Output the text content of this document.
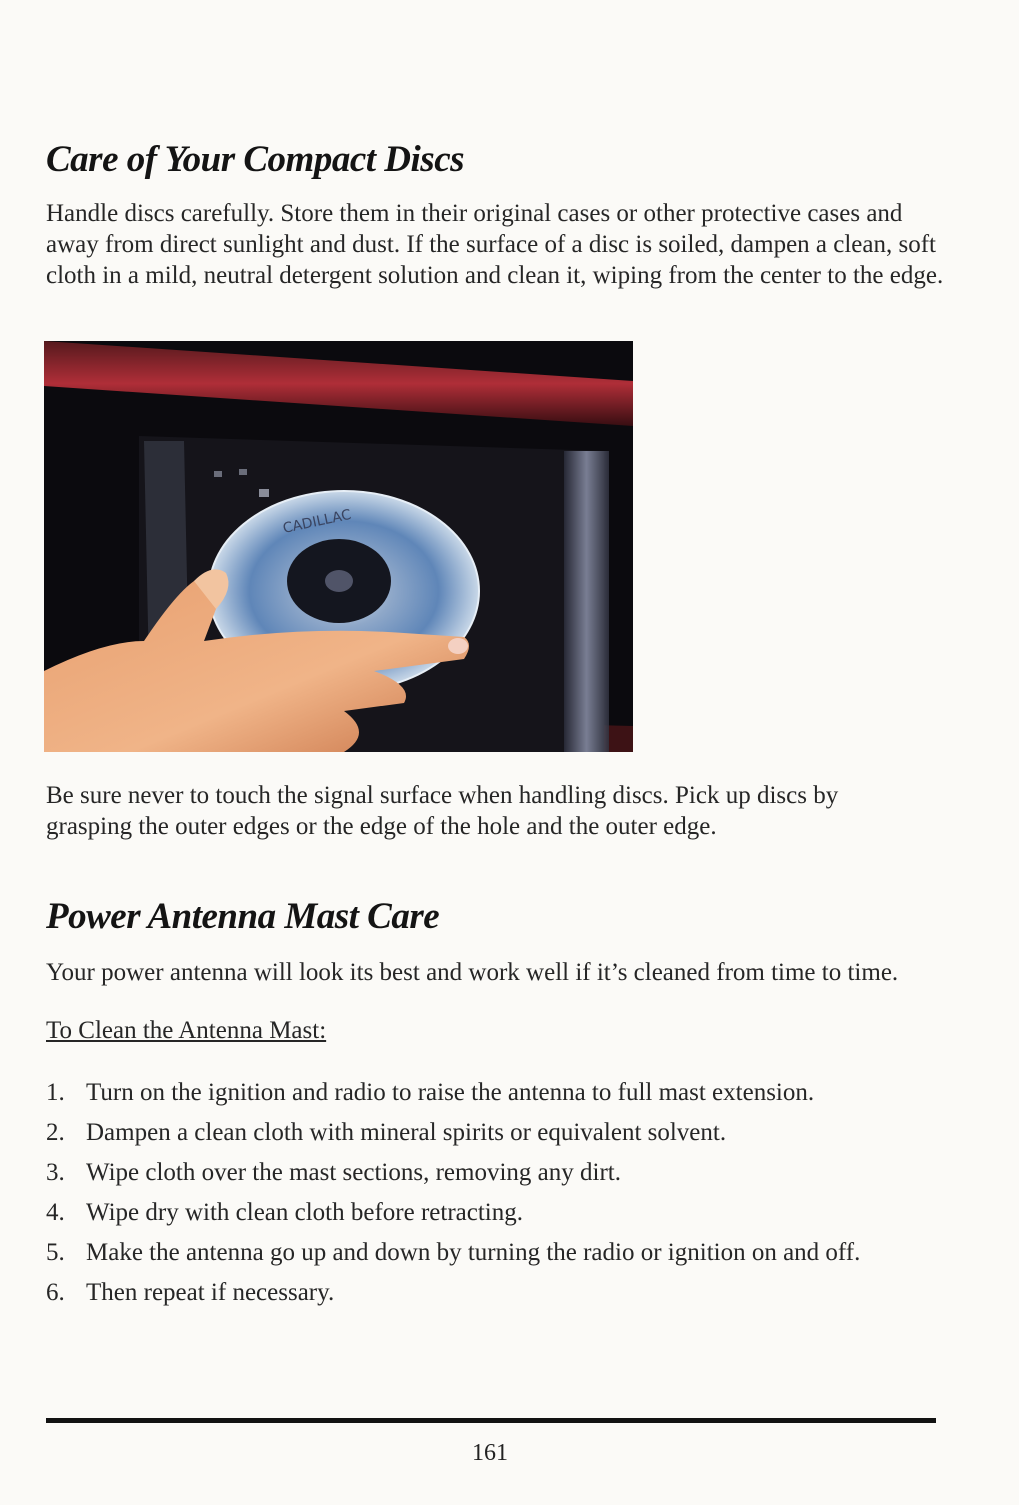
Care of Your Compact Discs

Handle discs carefully. Store them in their original cases or other protective cases and away from direct sunlight and dust. If the surface of a disc is soiled, dampen a clean, soft cloth in a mild, neutral detergent solution and clean it, wiping from the center to the edge.

CADILLAC

Be sure never to touch the signal surface when handling discs. Pick up discs by grasping the outer edges or the edge of the hole and the outer edge.

Power Antenna Mast Care

Your power antenna will look its best and work well if it’s cleaned from time to time.

To Clean the Antenna Mast:
1. Turn on the ignition and radio to raise the antenna to full mast extension.
2. Dampen a clean cloth with mineral spirits or equivalent solvent.
3. Wipe cloth over the mast sections, removing any dirt.
4. Wipe dry with clean cloth before retracting.
5. Make the antenna go up and down by turning the radio or ignition on and off.
6. Then repeat if necessary.
161
